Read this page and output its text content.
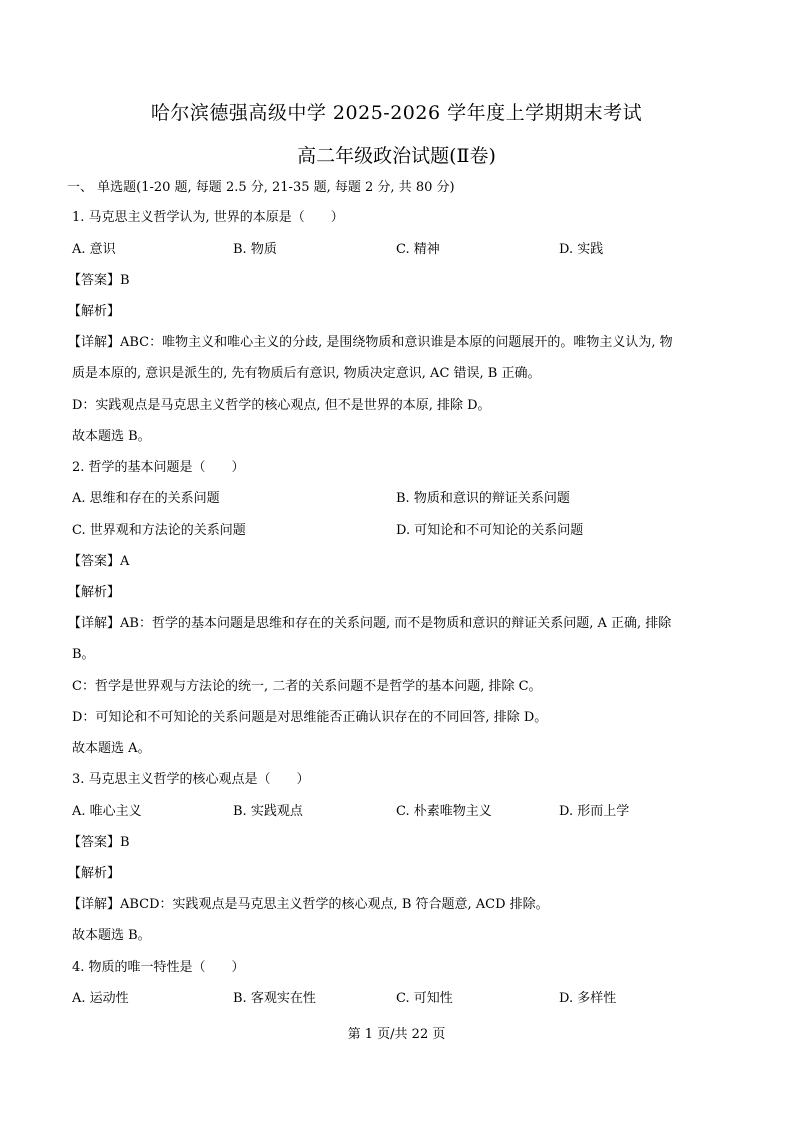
哈尔滨德强高级中学 2025-2026 学年度上学期期末考试
高二年级政治试题(Ⅱ卷)
一、 单选题(1-20 题, 每题 2.5 分, 21-35 题, 每题 2 分, 共 80 分)
1. 马克思主义哲学认为, 世界的本原是（　　）
A. 意识	B. 物质	C. 精神	D. 实践
【答案】B
【解析】
【详解】ABC：唯物主义和唯心主义的分歧, 是围绕物质和意识谁是本原的问题展开的。唯物主义认为, 物
质是本原的, 意识是派生的, 先有物质后有意识, 物质决定意识, AC 错误, B 正确。
D：实践观点是马克思主义哲学的核心观点, 但不是世界的本原, 排除 D。
故本题选 B。
2. 哲学的基本问题是（　　）
A. 思维和存在的关系问题	B. 物质和意识的辩证关系问题
C. 世界观和方法论的关系问题	D. 可知论和不可知论的关系问题
【答案】A
【解析】
【详解】AB：哲学的基本问题是思维和存在的关系问题, 而不是物质和意识的辩证关系问题, A 正确, 排除
B。
C：哲学是世界观与方法论的统一, 二者的关系问题不是哲学的基本问题, 排除 C。
D：可知论和不可知论的关系问题是对思维能否正确认识存在的不同回答, 排除 D。
故本题选 A。
3. 马克思主义哲学的核心观点是（　　）
A. 唯心主义	B. 实践观点	C. 朴素唯物主义	D. 形而上学
【答案】B
【解析】
【详解】ABCD：实践观点是马克思主义哲学的核心观点, B 符合题意, ACD 排除。
故本题选 B。
4. 物质的唯一特性是（　　）
A. 运动性	B. 客观实在性	C. 可知性	D. 多样性
第 1 页/共 22 页
